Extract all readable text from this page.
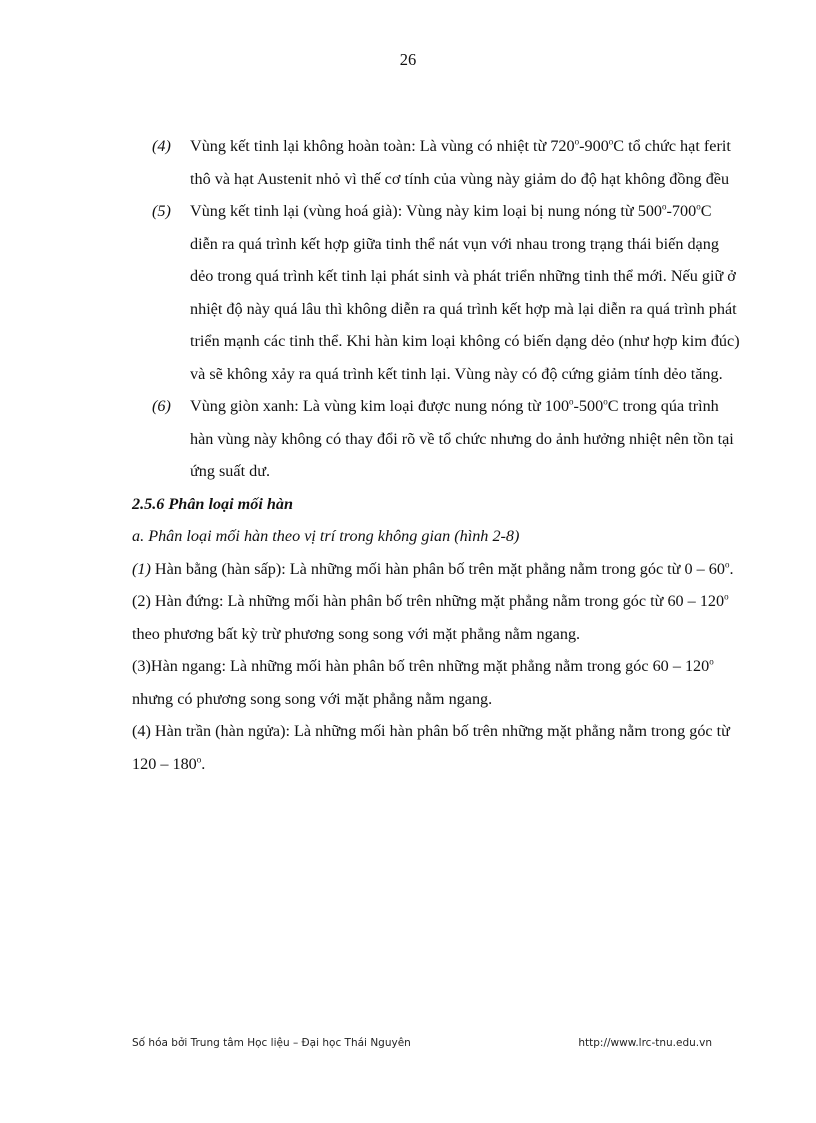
26
(4) Vùng kết tinh lại không hoàn toàn: Là vùng có nhiệt từ 720$^o$-900$^o$C tổ chức hạt ferit thô và hạt Austenit nhỏ vì thế cơ tính của vùng này giảm do độ hạt không đồng đều
(5) Vùng kết tinh lại (vùng hoá già): Vùng này kim loại bị nung nóng từ 500$^o$-700$^o$C diễn ra quá trình kết hợp giữa tinh thể nát vụn với nhau trong trạng thái biến dạng dẻo trong quá trình kết tinh lại phát sinh và phát triển những tinh thể mới. Nếu giữ ở nhiệt độ này quá lâu thì không diễn ra quá trình kết hợp mà lại diễn ra quá trình phát triển mạnh các tinh thể. Khi hàn kim loại không có biến dạng dẻo (như hợp kim đúc) và sẽ không xảy ra quá trình kết tinh lại. Vùng này có độ cứng giảm tính dẻo tăng.
(6) Vùng giòn xanh: Là vùng kim loại được nung nóng từ 100$^o$-500$^o$C trong qúa trình hàn vùng này không có thay đổi rõ về tổ chức nhưng do ảnh hưởng nhiệt nên tồn tại ứng suất dư.
2.5.6 Phân loại mối hàn
a. Phân loại mối hàn theo vị trí trong không gian (hình 2-8)

(1) Hàn bằng (hàn sấp): Là những mối hàn phân bố trên mặt phẳng nằm trong góc từ 0 – 60$^o$.

(2) Hàn đứng: Là những mối hàn phân bố trên những mặt phẳng nằm trong góc từ 60 – 120$^o$ theo phương bất kỳ trừ phương song song với mặt phẳng nằm ngang.

(3)Hàn ngang: Là những mối hàn phân bố trên những mặt phẳng nằm trong góc 60 – 120$^o$ nhưng có phương song song với mặt phẳng nằm ngang.

(4) Hàn trần (hàn ngửa): Là những mối hàn phân bố trên những mặt phẳng nằm trong góc từ 120 – 180$^o$.

Số hóa bởi Trung tâm Học liệu – Đại học Thái Nguyên	http://www.lrc-tnu.edu.vn
